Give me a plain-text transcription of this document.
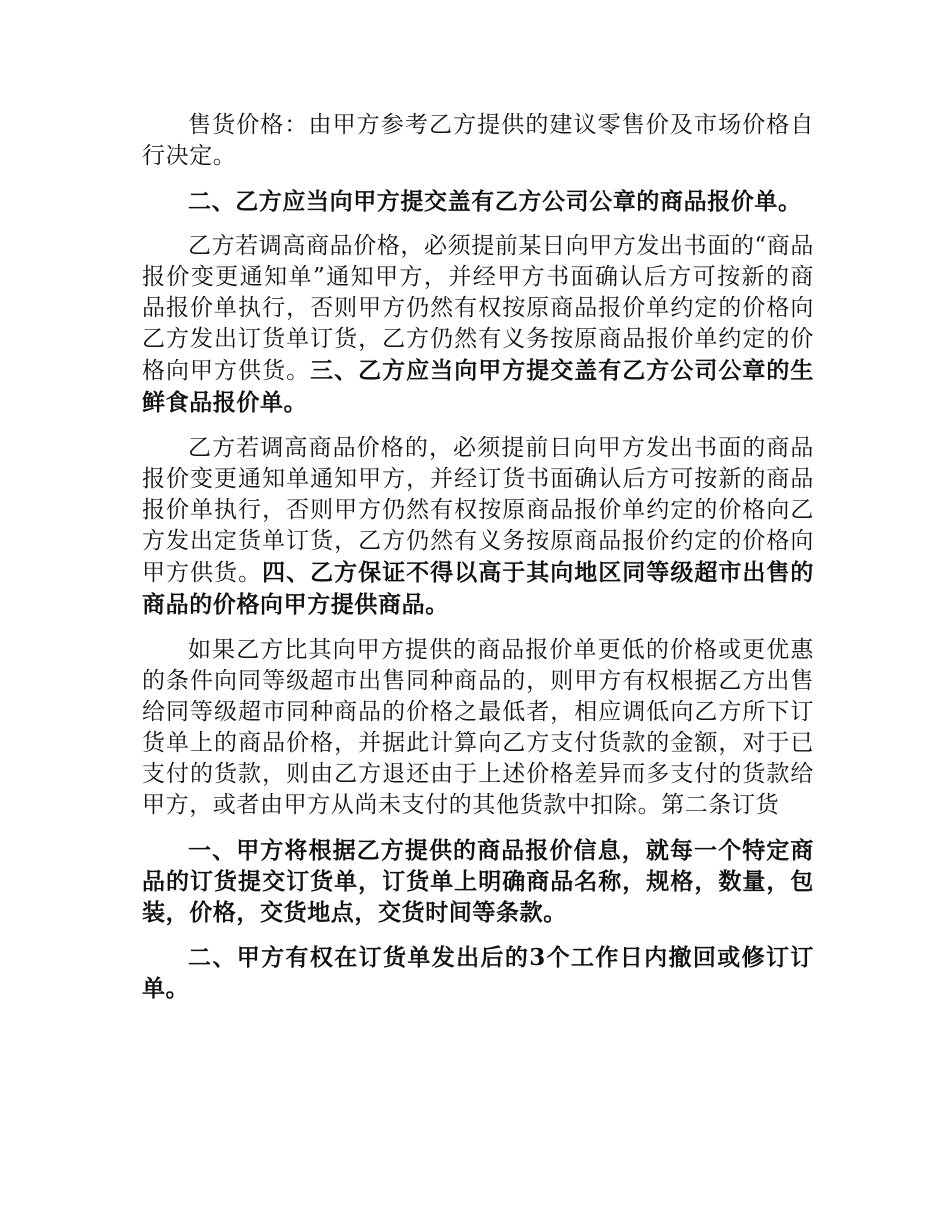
售货价格：由甲方参考乙方提供的建议零售价及市场价格自行决定。

二、乙方应当向甲方提交盖有乙方公司公章的商品报价单。

乙方若调高商品价格，必须提前某日向甲方发出书面的“商品报价变更通知单”通知甲方，并经甲方书面确认后方可按新的商品报价单执行，否则甲方仍然有权按原商品报价单约定的价格向乙方发出订货单订货，乙方仍然有义务按原商品报价单约定的价格向甲方供货。三、乙方应当向甲方提交盖有乙方公司公章的生鲜食品报价单。

乙方若调高商品价格的，必须提前日向甲方发出书面的商品报价变更通知单通知甲方，并经订货书面确认后方可按新的商品报价单执行，否则甲方仍然有权按原商品报价单约定的价格向乙方发出定货单订货，乙方仍然有义务按原商品报价约定的价格向甲方供货。四、乙方保证不得以高于其向地区同等级超市出售的商品的价格向甲方提供商品。

如果乙方比其向甲方提供的商品报价单更低的价格或更优惠的条件向同等级超市出售同种商品的，则甲方有权根据乙方出售给同等级超市同种商品的价格之最低者，相应调低向乙方所下订货单上的商品价格，并据此计算向乙方支付货款的金额，对于已支付的货款，则由乙方退还由于上述价格差异而多支付的货款给甲方，或者由甲方从尚未支付的其他货款中扣除。第二条订货

一、甲方将根据乙方提供的商品报价信息，就每一个特定商品的订货提交订货单，订货单上明确商品名称，规格，数量，包装，价格，交货地点，交货时间等条款。

二、甲方有权在订货单发出后的3个工作日内撤回或修订订单。
